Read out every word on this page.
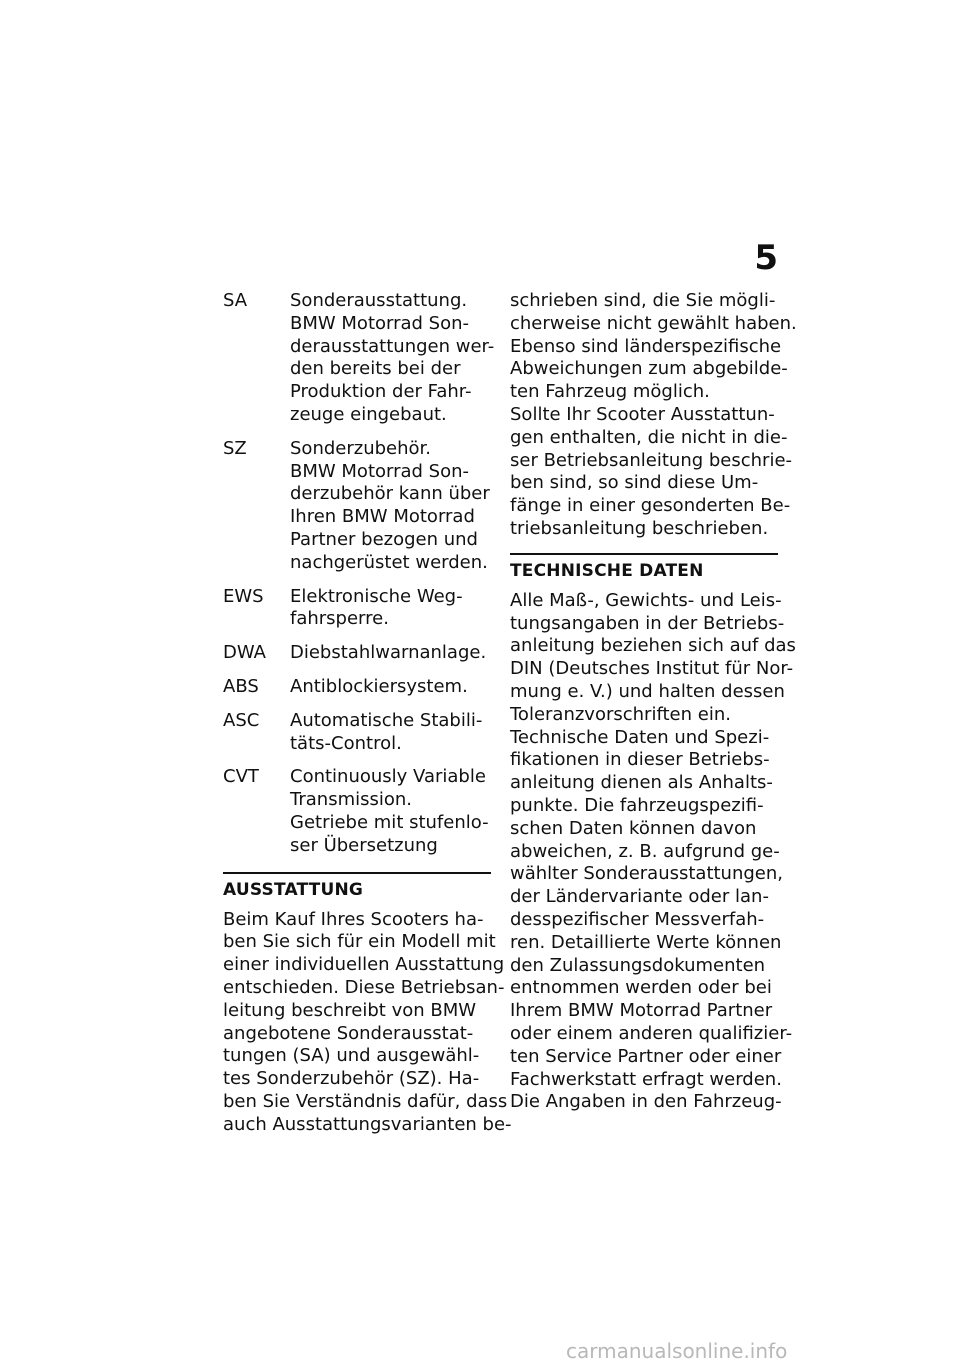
5
SA	Sonderausstattung.
BMW Motorrad Son-
derausstattungen wer-
den bereits bei der
Produktion der Fahr-
zeuge eingebaut.
SZ	Sonderzubehör.
BMW Motorrad Son-
derzubehör kann über
Ihren BMW Motorrad
Partner bezogen und
nachgerüstet werden.
EWS	Elektronische Weg-
fahrsperre.
DWA	Diebstahlwarnanlage.
ABS	Antiblockiersystem.
ASC	Automatische Stabili-
täts-Control.
CVT	Continuously Variable
Transmission.
Getriebe mit stufenlo-
ser Übersetzung
AUSSTATTUNG
Beim Kauf Ihres Scooters ha-
ben Sie sich für ein Modell mit
einer individuellen Ausstattung
entschieden. Diese Betriebsan-
leitung beschreibt von BMW
angebotene Sonderausstat-
tungen (SA) und ausgewähl-
tes Sonderzubehör (SZ). Ha-
ben Sie Verständnis dafür, dass
auch Ausstattungsvarianten be-
schrieben sind, die Sie mögli-
cherweise nicht gewählt haben.
Ebenso sind länderspezifische
Abweichungen zum abgebilde-
ten Fahrzeug möglich.
Sollte Ihr Scooter Ausstattun-
gen enthalten, die nicht in die-
ser Betriebsanleitung beschrie-
ben sind, so sind diese Um-
fänge in einer gesonderten Be-
triebsanleitung beschrieben.
TECHNISCHE DATEN
Alle Maß-, Gewichts- und Leis-
tungsangaben in der Betriebs-
anleitung beziehen sich auf das
DIN (Deutsches Institut für Nor-
mung e. V.) und halten dessen
Toleranzvorschriften ein.
Technische Daten und Spezi-
fikationen in dieser Betriebs-
anleitung dienen als Anhalts-
punkte. Die fahrzeugspezifi-
schen Daten können davon
abweichen, z. B. aufgrund ge-
wählter Sonderausstattungen,
der Ländervariante oder lan-
desspezifischer Messverfah-
ren. Detaillierte Werte können
den Zulassungsdokumenten
entnommen werden oder bei
Ihrem BMW Motorrad Partner
oder einem anderen qualifizier-
ten Service Partner oder einer
Fachwerkstatt erfragt werden.
Die Angaben in den Fahrzeug-
carmanualsonline.info
